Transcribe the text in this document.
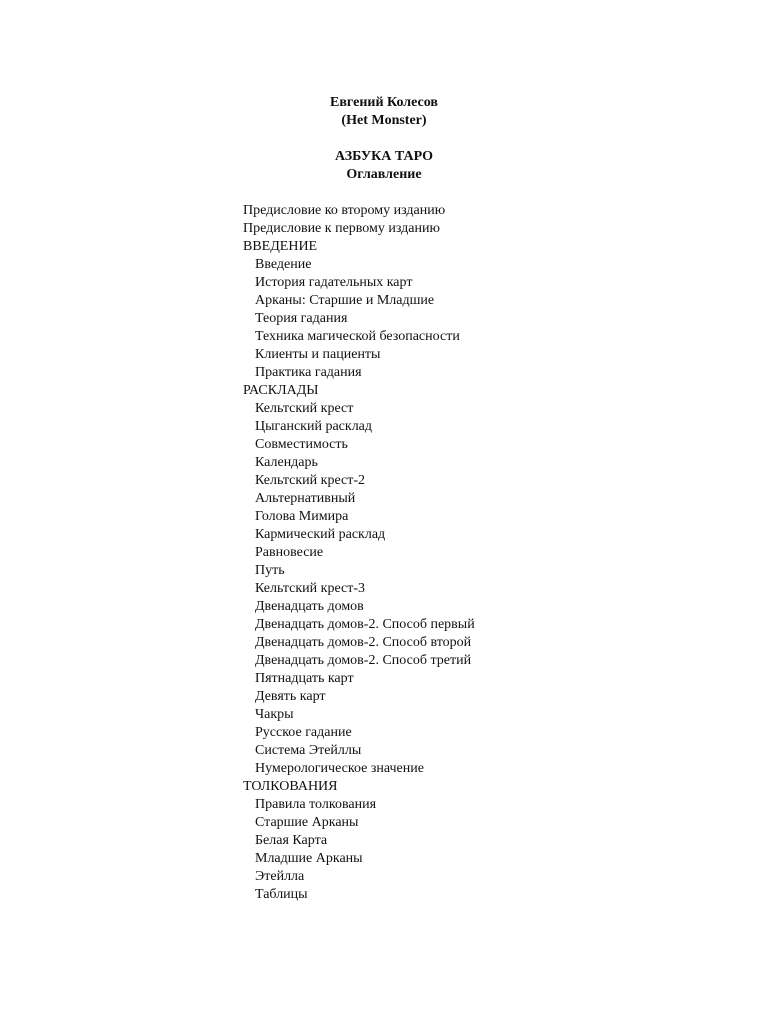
Евгений Колесов
(Het Monster)
АЗБУКА ТАРО
Оглавление
Предисловие ко второму изданию
Предисловие к первому изданию
ВВЕДЕНИЕ
Введение
История гадательных карт
Арканы: Старшие и Младшие
Теория гадания
Техника магической безопасности
Клиенты и пациенты
Практика гадания
РАСКЛАДЫ
Кельтский крест
Цыганский расклад
Совместимость
Календарь
Кельтский крест-2
Альтернативный
Голова Мимира
Кармический расклад
Равновесие
Путь
Кельтский крест-3
Двенадцать домов
Двенадцать домов-2. Способ первый
Двенадцать домов-2. Способ второй
Двенадцать домов-2. Способ третий
Пятнадцать карт
Девять карт
Чакры
Русское гадание
Система Этейллы
Нумерологическое значение
ТОЛКОВАНИЯ
Правила толкования
Старшие Арканы
Белая Карта
Младшие Арканы
Этейлла
Таблицы
